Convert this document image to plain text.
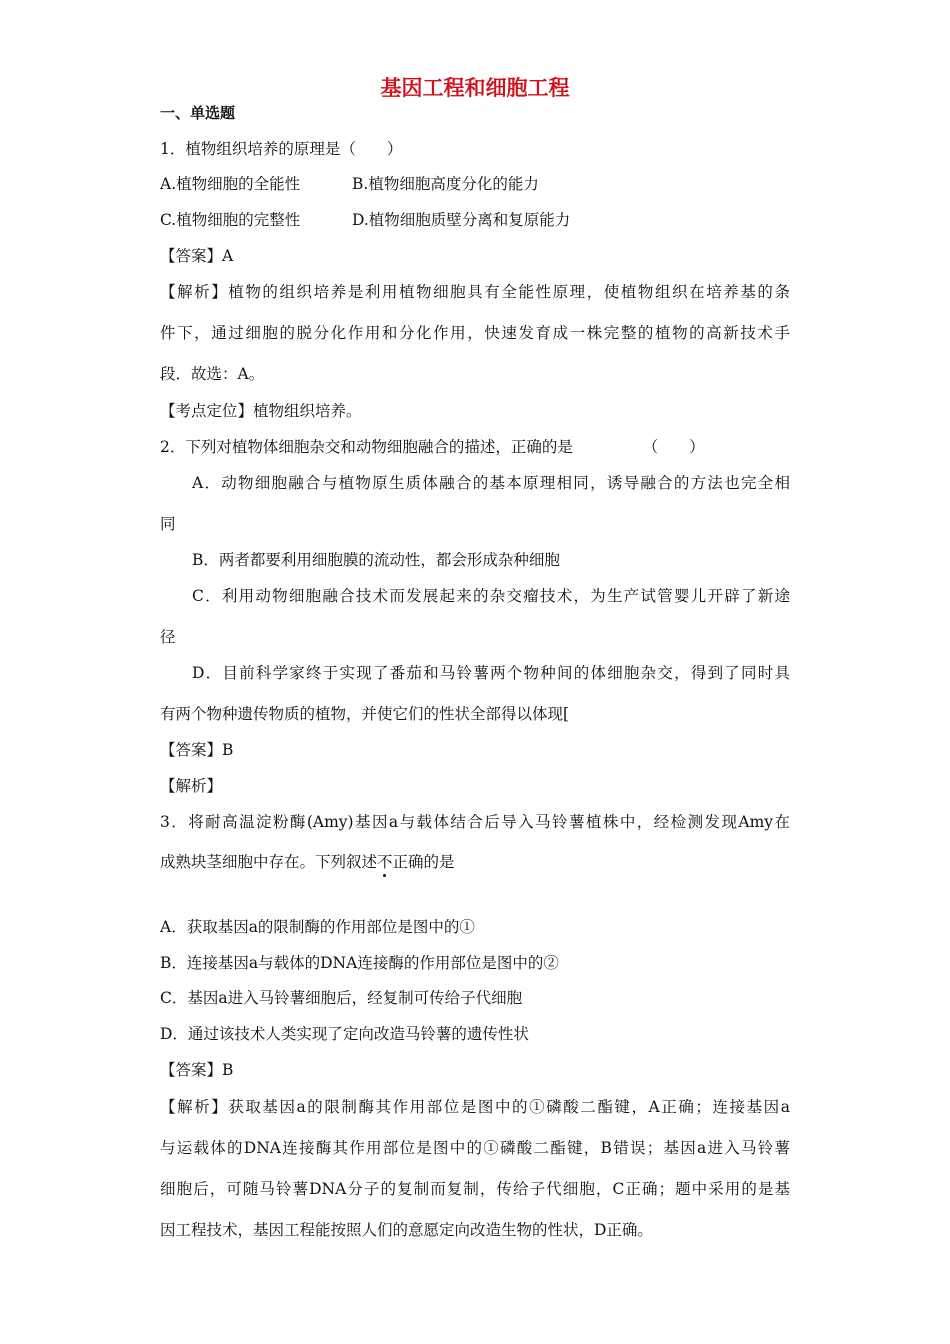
基因工程和细胞工程
一、单选题
1．植物组织培养的原理是（　　）
A.植物细胞的全能性	B.植物细胞高度分化的能力
C.植物细胞的完整性	D.植物细胞质壁分离和复原能力
【答案】A
【解析】植物的组织培养是利用植物细胞具有全能性原理，使植物组织在培养基的条
件下，通过细胞的脱分化作用和分化作用，快速发育成一株完整的植物的高新技术手
段．故选：A。
【考点定位】植物组织培养。
2．下列对植物体细胞杂交和动物细胞融合的描述，正确的是　　　　　（　　）
A．动物细胞融合与植物原生质体融合的基本原理相同，诱导融合的方法也完全相
同
B．两者都要利用细胞膜的流动性，都会形成杂种细胞
C．利用动物细胞融合技术而发展起来的杂交瘤技术，为生产试管婴儿开辟了新途
径
D．目前科学家终于实现了番茄和马铃薯两个物种间的体细胞杂交，得到了同时具
有两个物种遗传物质的植物，并使它们的性状全部得以体现[
【答案】B
【解析】
3．将耐高温淀粉酶(Amy)基因a与载体结合后导入马铃薯植株中，经检测发现Amy在
成熟块茎细胞中存在。下列叙述不正确的是
A．获取基因a的限制酶的作用部位是图中的①
B．连接基因a与载体的DNA连接酶的作用部位是图中的②
C．基因a进入马铃薯细胞后，经复制可传给子代细胞
D．通过该技术人类实现了定向改造马铃薯的遗传性状
【答案】B
【解析】获取基因a的限制酶其作用部位是图中的①磷酸二酯键，A正确；连接基因a
与运载体的DNA连接酶其作用部位是图中的①磷酸二酯键，B错误；基因a进入马铃薯
细胞后，可随马铃薯DNA分子的复制而复制，传给子代细胞，C正确；题中采用的是基
因工程技术，基因工程能按照人们的意愿定向改造生物的性状，D正确。
